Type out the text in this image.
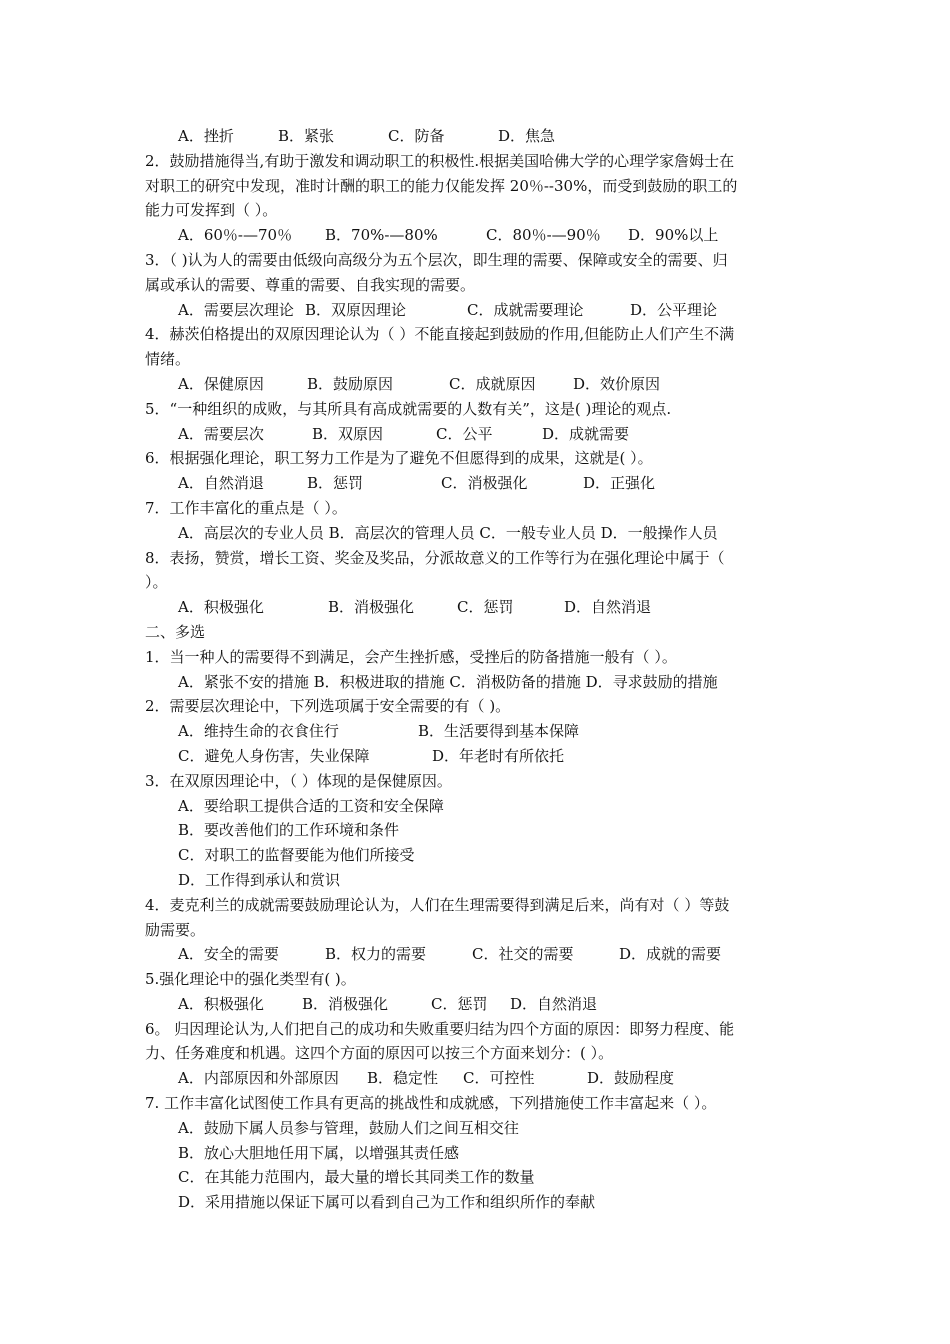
A．挫折	B．紧张	C．防备	D．焦急
2．鼓励措施得当,有助于激发和调动职工的积极性.根据美国哈佛大学的心理学家詹姆士在
对职工的研究中发现，准时计酬的职工的能力仅能发挥 20％--30%，而受到鼓励的职工的
能力可发挥到（ ）。
A．60％-—70％	B．70%-—80%	C．80％-—90％	D．90%以上
3．（ )认为人的需要由低级向高级分为五个层次，即生理的需要、保障或安全的需要、归
属或承认的需要、尊重的需要、自我实现的需要。
A．需要层次理论 B．双原因理论	C．成就需要理论	D．公平理论
4．赫茨伯格提出的双原因理论认为（ ）不能直接起到鼓励的作用,但能防止人们产生不满
情绪。
A．保健原因	B．鼓励原因	C．成就原因	D．效价原因
5．“一种组织的成败，与其所具有高成就需要的人数有关”，这是( )理论的观点.
A．需要层次	B．双原因	C．公平	D．成就需要
6．根据强化理论，职工努力工作是为了避免不但愿得到的成果，这就是( ）。
A．自然消退	B．惩罚	C．消极强化	D．正强化
7．工作丰富化的重点是（ ）。
A．高层次的专业人员 B．高层次的管理人员 C．一般专业人员 D．一般操作人员
8．表扬，赞赏，增长工资、奖金及奖品，分派故意义的工作等行为在强化理论中属于（
）。
A．积极强化	B．消极强化	C．惩罚	D．自然消退
二、多选
1．当一种人的需要得不到满足，会产生挫折感，受挫后的防备措施一般有（ ）。
A．紧张不安的措施 B．积极进取的措施 C．消极防备的措施 D．寻求鼓励的措施
2．需要层次理论中，下列选项属于安全需要的有（ )。
A．维持生命的衣食住行	B．生活要得到基本保障
C．避免人身伤害，失业保障	D．年老时有所依托
3．在双原因理论中，（ ）体现的是保健原因。
A．要给职工提供合适的工资和安全保障
B．要改善他们的工作环境和条件
C．对职工的监督要能为他们所接受
D．工作得到承认和赏识
4．麦克利兰的成就需要鼓励理论认为，人们在生理需要得到满足后来，尚有对（ ）等鼓
励需要。
A．安全的需要	B．权力的需要	C．社交的需要	D．成就的需要
5.强化理论中的强化类型有( )。
A．积极强化	B．消极强化	C．惩罚	D．自然消退
6。 归因理论认为,人们把自己的成功和失败重要归结为四个方面的原因：即努力程度、能
力、任务难度和机遇。这四个方面的原因可以按三个方面来划分：( ）。
A．内部原因和外部原因	B．稳定性	C．可控性	D．鼓励程度
7. 工作丰富化试图使工作具有更高的挑战性和成就感，下列措施使工作丰富起来（ ）。
A．鼓励下属人员参与管理，鼓励人们之间互相交往
B．放心大胆地任用下属，以增强其责任感
C．在其能力范围内，最大量的增长其同类工作的数量
D．采用措施以保证下属可以看到自己为工作和组织所作的奉献
